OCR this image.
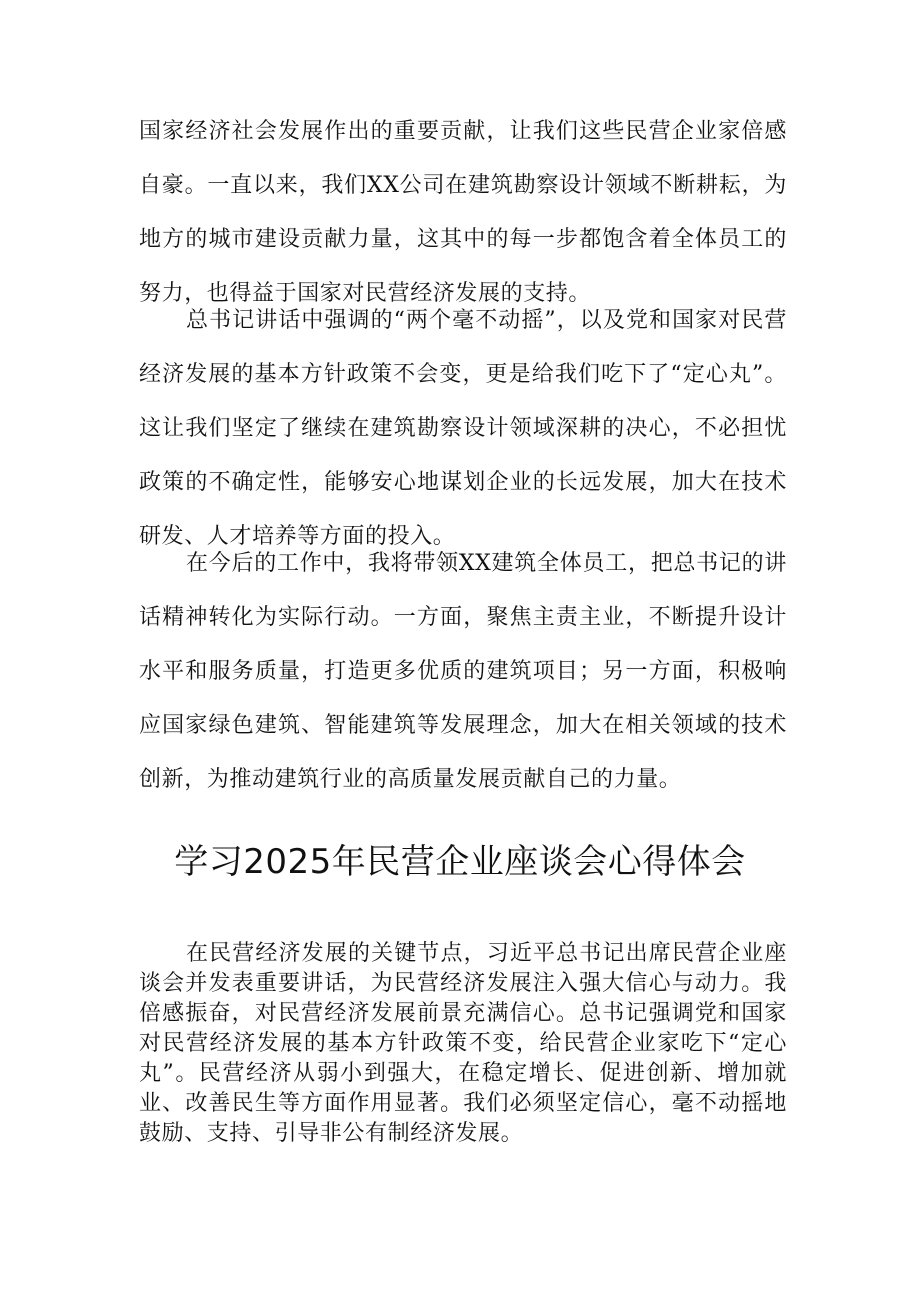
国家经济社会发展作出的重要贡献，让我们这些民营企业家倍感自豪。一直以来，我们XX公司在建筑勘察设计领域不断耕耘，为地方的城市建设贡献力量，这其中的每一步都饱含着全体员工的努力，也得益于国家对民营经济发展的支持。

总书记讲话中强调的“两个毫不动摇”，以及党和国家对民营经济发展的基本方针政策不会变，更是给我们吃下了“定心丸”。这让我们坚定了继续在建筑勘察设计领域深耕的决心，不必担忧政策的不确定性，能够安心地谋划企业的长远发展，加大在技术研发、人才培养等方面的投入。

在今后的工作中，我将带领XX建筑全体员工，把总书记的讲话精神转化为实际行动。一方面，聚焦主责主业，不断提升设计水平和服务质量，打造更多优质的建筑项目；另一方面，积极响应国家绿色建筑、智能建筑等发展理念，加大在相关领域的技术创新，为推动建筑行业的高质量发展贡献自己的力量。

学习2025年民营企业座谈会心得体会

在民营经济发展的关键节点，习近平总书记出席民营企业座谈会并发表重要讲话，为民营经济发展注入强大信心与动力。我倍感振奋，对民营经济发展前景充满信心。总书记强调党和国家对民营经济发展的基本方针政策不变，给民营企业家吃下“定心丸”。民营经济从弱小到强大，在稳定增长、促进创新、增加就业、改善民生等方面作用显著。我们必须坚定信心，毫不动摇地鼓励、支持、引导非公有制经济发展。
